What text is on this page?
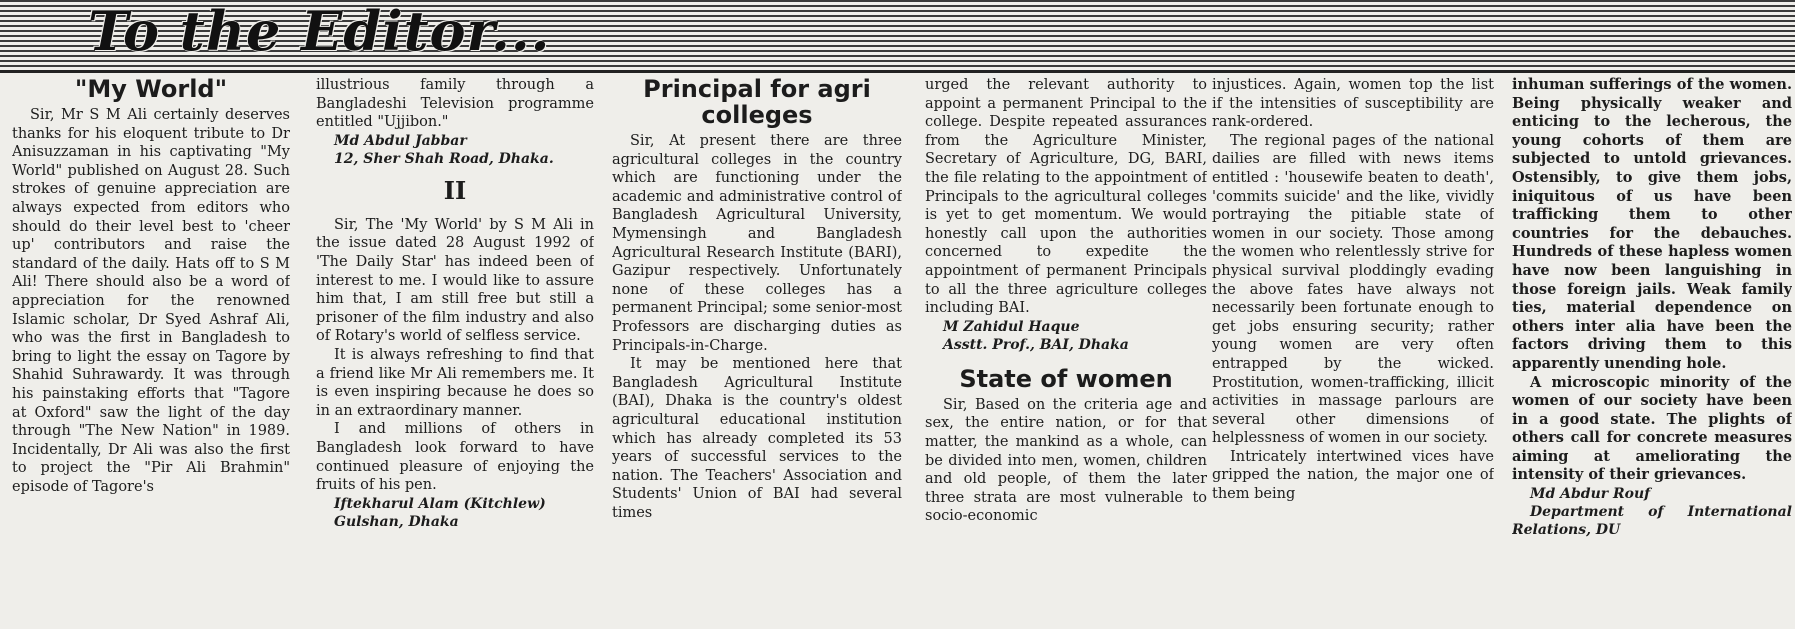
To the Editor...
"My World"

Sir, Mr S M Ali certainly deserves thanks for his eloquent tribute to Dr Anisuzzaman in his captivating "My World" published on August 28. Such strokes of genuine appreciation are always expected from editors who should do their level best to 'cheer up' contributors and raise the standard of the daily. Hats off to S M Ali! There should also be a word of appreciation for the renowned Islamic scholar, Dr Syed Ashraf Ali, who was the first in Bangladesh to bring to light the essay on Tagore by Shahid Suhrawardy. It was through his painstaking efforts that "Tagore at Oxford" saw the light of the day through "The New Nation" in 1989. Incidentally, Dr Ali was also the first to project the "Pir Ali Brahmin" episode of Tagore's

illustrious family through a Bangladeshi Television programme entitled "Ujjibon."

Md Abdul Jabbar

12, Sher Shah Road, Dhaka.

II

Sir, The 'My World' by S M Ali in the issue dated 28 August 1992 of 'The Daily Star' has indeed been of interest to me. I would like to assure him that, I am still free but still a prisoner of the film industry and also of Rotary's world of selfless service.

It is always refreshing to find that a friend like Mr Ali remembers me. It is even inspiring because he does so in an extraordinary manner.

I and millions of others in Bangladesh look forward to have continued pleasure of enjoying the fruits of his pen.

Iftekharul Alam (Kitchlew)

Gulshan, Dhaka

Principal for agri colleges

Sir, At present there are three agricultural colleges in the country which are functioning under the academic and administrative control of Bangladesh Agricultural University, Mymensingh and Bangladesh Agricultural Research Institute (BARI), Gazipur respectively. Unfortunately none of these colleges has a permanent Principal; some senior-most Professors are discharging duties as Principals-in-Charge.

It may be mentioned here that Bangladesh Agricultural Institute (BAI), Dhaka is the country's oldest agricultural educational institution which has already completed its 53 years of successful services to the nation. The Teachers' Association and Students' Union of BAI had several times

urged the relevant authority to appoint a permanent Principal to the college. Despite repeated assurances from the Agriculture Minister, Secretary of Agriculture, DG, BARI, the file relating to the appointment of Principals to the agricultural colleges is yet to get momentum. We would honestly call upon the authorities concerned to expedite the appointment of permanent Principals to all the three agriculture colleges including BAI.

M Zahidul Haque

Asstt. Prof., BAI, Dhaka

State of women

Sir, Based on the criteria age and sex, the entire nation, or for that matter, the mankind as a whole, can be divided into men, women, children and old people, of them the later three strata are most vulnerable to socio-economic

injustices. Again, women top the list if the intensities of susceptibility are rank-ordered.

The regional pages of the national dailies are filled with news items entitled : 'housewife beaten to death', 'commits suicide' and the like, vividly portraying the pitiable state of women in our society. Those among the women who relentlessly strive for physical survival ploddingly evading the above fates have always not necessarily been fortunate enough to get jobs ensuring security; rather young women are very often entrapped by the wicked. Prostitution, women-trafficking, illicit activities in massage parlours are several other dimensions of helplessness of women in our society.

Intricately intertwined vices have gripped the nation, the major one of them being

inhuman sufferings of the women. Being physically weaker and enticing to the lecherous, the young cohorts of them are subjected to untold grievances. Ostensibly, to give them jobs, iniquitous of us have been trafficking them to other countries for the debauches. Hundreds of these hapless women have now been languishing in those foreign jails. Weak family ties, material dependence on others inter alia have been the factors driving them to this apparently unending hole.

A microscopic minority of the women of our society have been in a good state. The plights of others call for concrete measures aiming at ameliorating the intensity of their grievances.

Md Abdur Rouf

Department of International Relations, DU
